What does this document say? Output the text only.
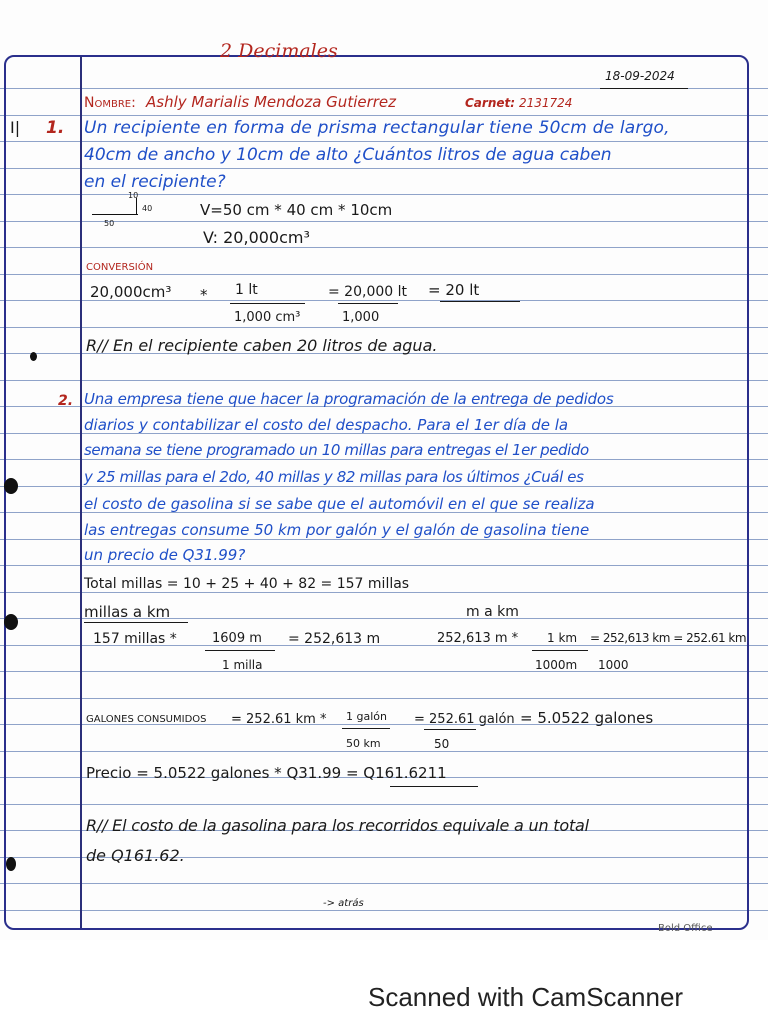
2 Decimales
18-09-2024
Nombre: Ashly Marialis Mendoza Gutierrez	Carnet: 2131724
I| 1. Un recipiente en forma de prisma rectangular tiene 50cm de largo,
40cm de ancho y 10cm de alto ¿Cuántos litros de agua caben
en el recipiente?
10
40
50
V=50 cm * 40 cm * 10cm
V: 20,000cm³
CONVERSIÓN
20,000cm³ * 1 lt
1,000 cm³
= 20,000 lt
1,000
= 20 lt
R// En el recipiente caben 20 litros de agua.
2. Una empresa tiene que hacer la programación de la entrega de pedidos
diarios y contabilizar el costo del despacho. Para el 1er día de la
semana se tiene programado un 10 millas para entregas el 1er pedido
y 25 millas para el 2do, 40 millas y 82 millas para los últimos ¿Cuál es
el costo de gasolina si se sabe que el automóvil en el que se realiza
las entregas consume 50 km por galón y el galón de gasolina tiene
un precio de Q31.99?
Total millas = 10 + 25 + 40 + 82 = 157 millas
millas a km	m a km
157 millas *	1609 m
1 milla
= 252,613 m	252,613 m * 1 km
1000m 1000
= 252,613 km = 252.61 km
GALONES CONSUMIDOS = 252.61 km * 1 galón
50 km
= 252.61 galón
50
= 5.0522 galones
Precio = 5.0522 galones * Q31.99 = Q161.6211
R// El costo de la gasolina para los recorridos equivale a un total
de Q161.62.
-> atrás
Bold Office
Scanned with CamScanner
